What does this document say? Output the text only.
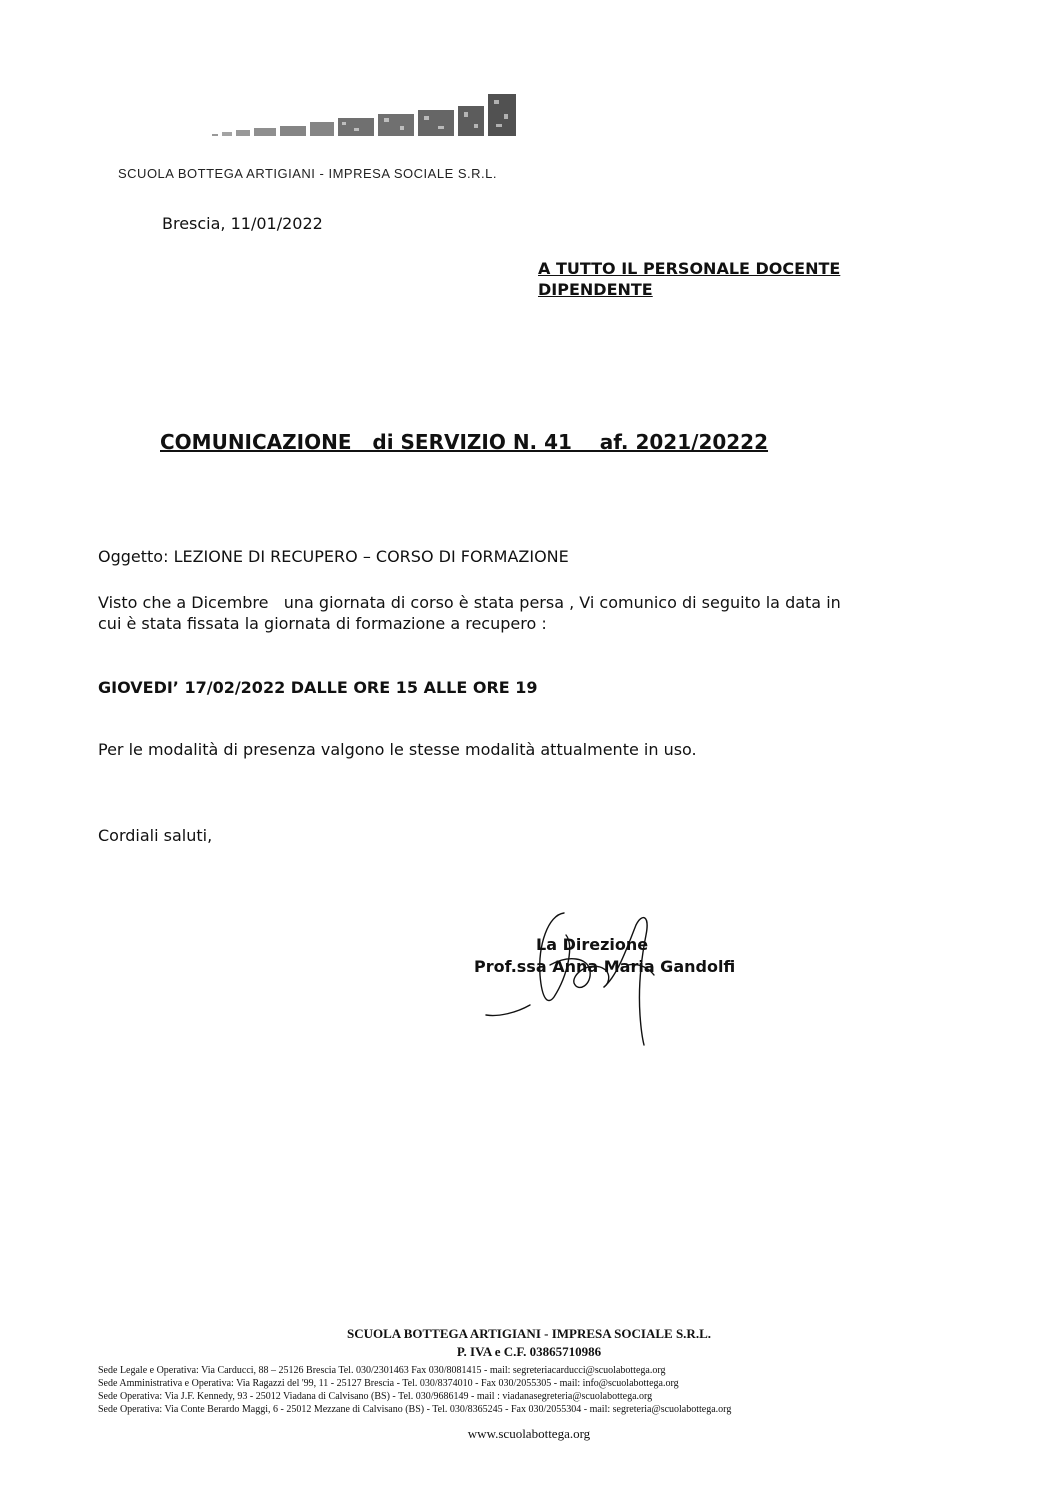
SCUOLA BOTTEGA ARTIGIANI - IMPRESA SOCIALE S.R.L.
Brescia, 11/01/2022
A TUTTO IL PERSONALE DOCENTE
DIPENDENTE
COMUNICAZIONE   di SERVIZIO N. 41    af. 2021/20222
Oggetto: LEZIONE DI RECUPERO – CORSO DI FORMAZIONE
Visto che a Dicembre   una giornata di corso è stata persa , Vi comunico di seguito la data in
cui è stata fissata la giornata di formazione a recupero :
GIOVEDI’ 17/02/2022 DALLE ORE 15 ALLE ORE 19
Per le modalità di presenza valgono le stesse modalità attualmente in uso.
Cordiali saluti,
La Direzione
Prof.ssa Anna Maria Gandolfi
SCUOLA BOTTEGA ARTIGIANI - IMPRESA SOCIALE S.R.L.
P. IVA e C.F. 03865710986
Sede Legale e Operativa: Via Carducci, 88 – 25126 Brescia Tel. 030/2301463 Fax 030/8081415 - mail: segreteriacarducci@scuolabottega.org
Sede Amministrativa e Operativa: Via Ragazzi del '99, 11 - 25127 Brescia - Tel. 030/8374010 - Fax 030/2055305 - mail: info@scuolabottega.org
Sede Operativa: Via J.F. Kennedy, 93 - 25012 Viadana di Calvisano (BS) - Tel. 030/9686149 - mail : viadanasegreteria@scuolabottega.org
Sede Operativa: Via Conte Berardo Maggi, 6 - 25012 Mezzane di Calvisano (BS) - Tel. 030/8365245 - Fax 030/2055304 - mail: segreteria@scuolabottega.org
www.scuolabottega.org
